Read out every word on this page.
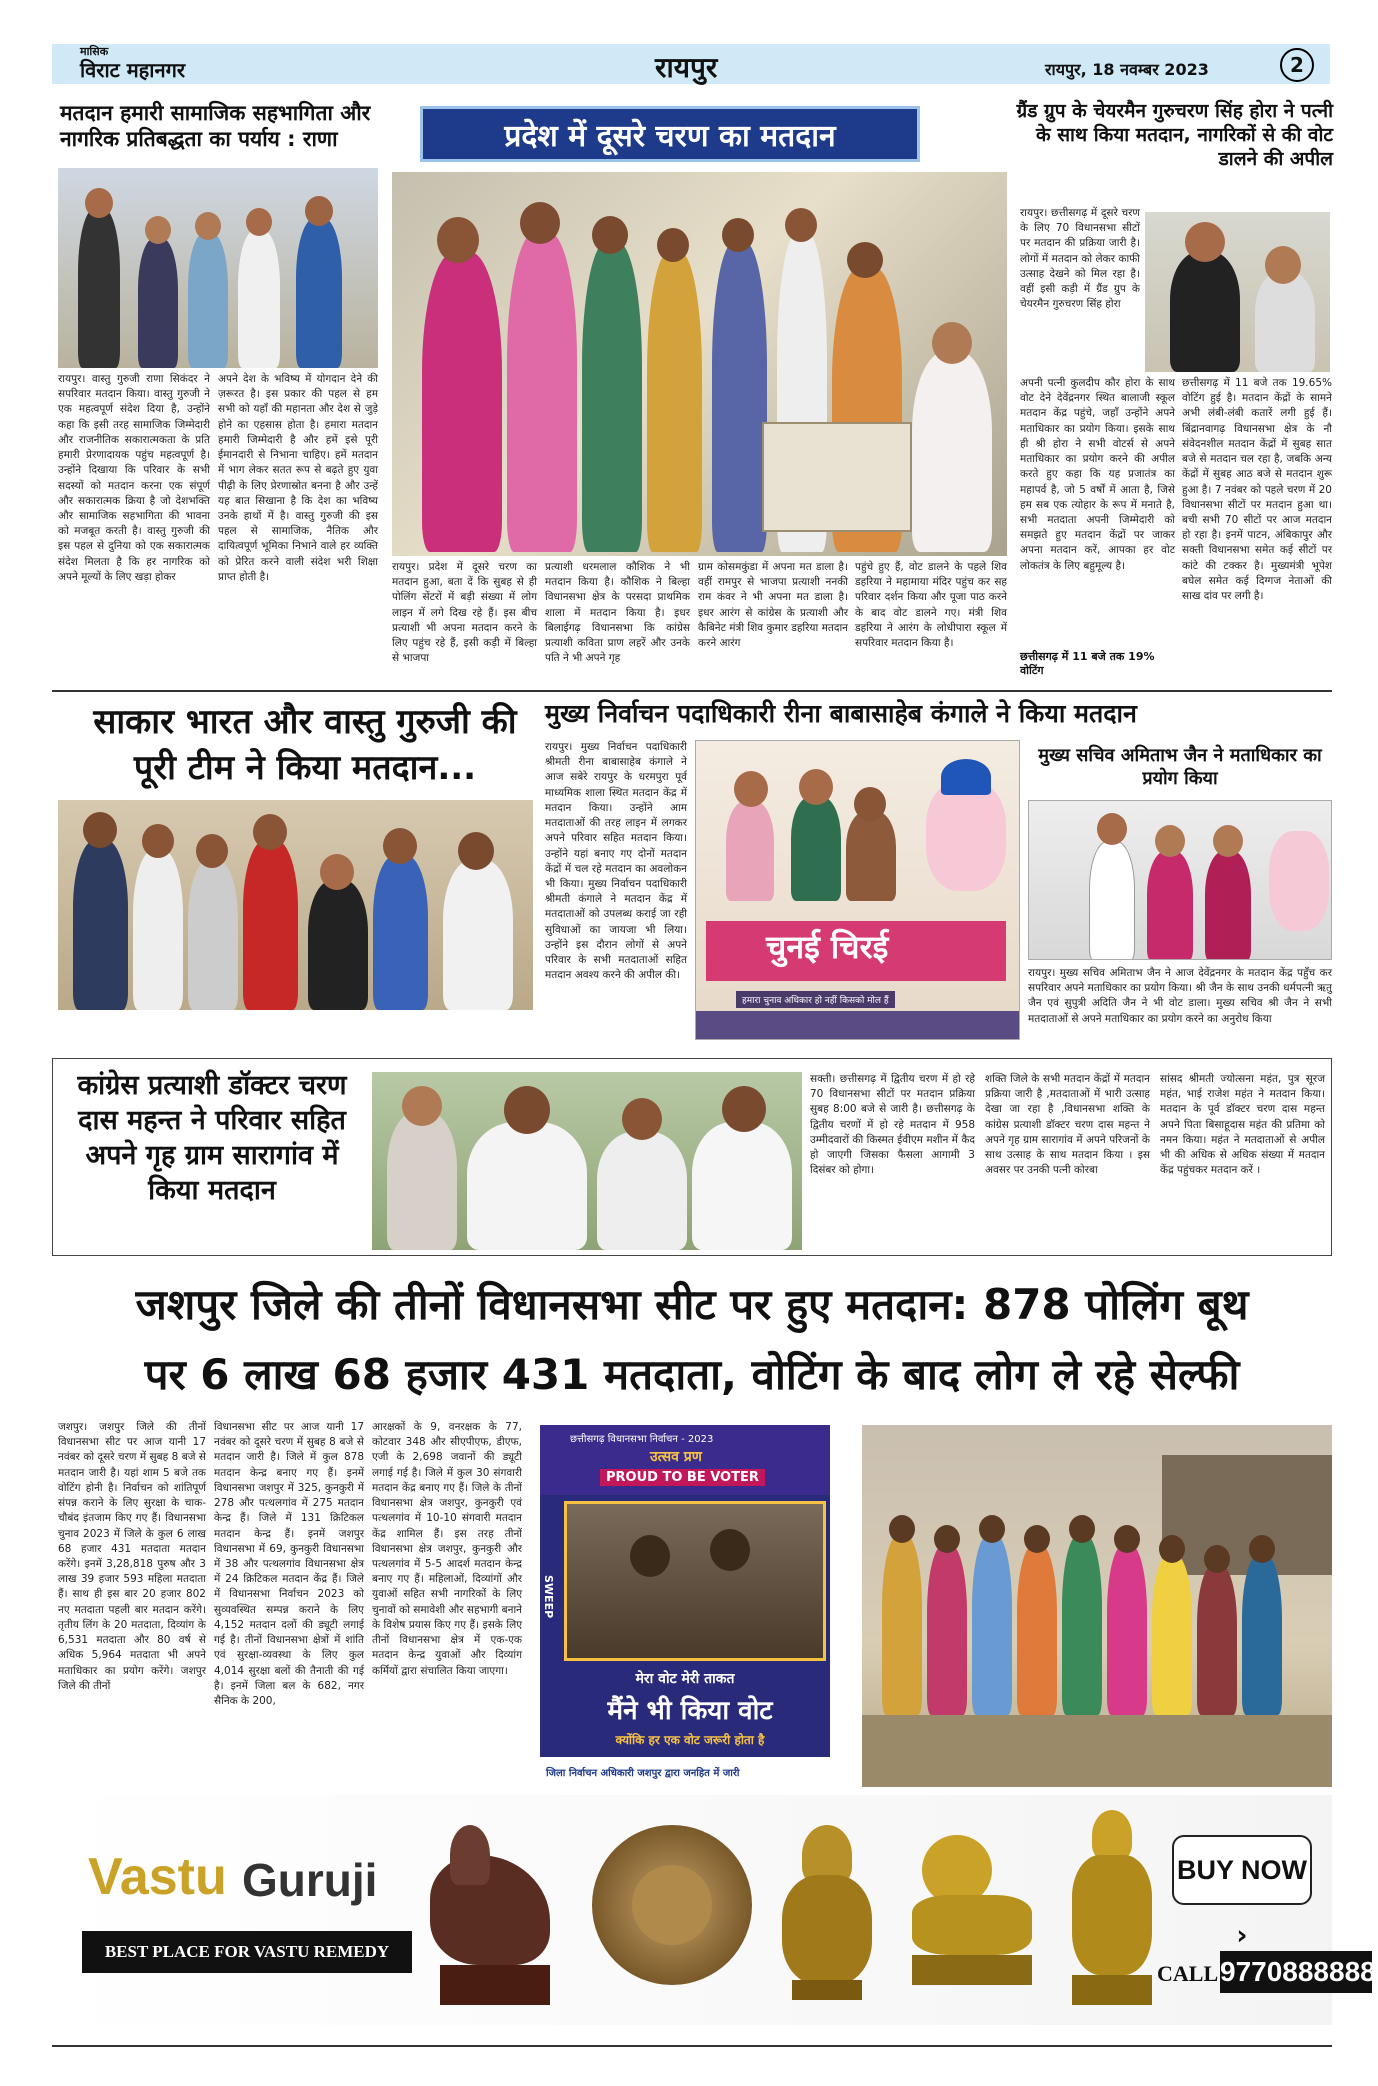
मासिक
विराट महानगर	रायपुर	रायपुर, 18 नवम्बर 2023	2
मतदान हमारी सामाजिक सहभागिता और नागरिक प्रतिबद्धता का पर्याय : राणा
रायपुर। वास्तु गुरुजी राणा सिकंदर ने सपरिवार मतदान किया। वास्तु गुरुजी ने एक महत्वपूर्ण संदेश दिया है, उन्होंने कहा कि इसी तरह सामाजिक जिम्मेदारी और राजनीतिक सकारात्मकता के प्रति हमारी प्रेरणादायक पहुंच महत्वपूर्ण है। उन्होंने दिखाया कि परिवार के सभी सदस्यों को मतदान करना एक संपूर्ण और सकारात्मक क्रिया है जो देशभक्ति और सामाजिक सहभागिता की भावना को मजबूत करती है। वास्तु गुरुजी की इस पहल से दुनिया को एक सकारात्मक संदेश मिलता है कि हर नागरिक को अपने मूल्यों के लिए खड़ा होकर
अपने देश के भविष्य में योगदान देने की ज़रूरत है। इस प्रकार की पहल से हम सभी को यहाँ की महानता और देश से जुड़े होने का एहसास होता है। हमारा मतदान हमारी जिम्मेदारी है और हमें इसे पूरी ईमानदारी से निभाना चाहिए। हमें मतदान में भाग लेकर सतत रूप से बढ़ते हुए युवा पीढ़ी के लिए प्रेरणास्रोत बनना है और उन्हें यह बात सिखाना है कि देश का भविष्य उनके हाथों में है। वास्तु गुरुजी की इस पहल से सामाजिक, नैतिक और दायित्वपूर्ण भूमिका निभाने वाले हर व्यक्ति को प्रेरित करने वाली संदेश भरी शिक्षा प्राप्त होती है।
प्रदेश में दूसरे चरण का मतदान
रायपुर। प्रदेश में दूसरे चरण का मतदान हुआ, बता दें कि सुबह से ही पोलिंग सेंटरों में बड़ी संख्या में लोग लाइन में लगे दिख रहे हैं। इस बीच प्रत्याशी भी अपना मतदान करने के लिए पहुंच रहे हैं, इसी कड़ी में बिल्हा से भाजपा
प्रत्याशी धरमलाल कौशिक ने भी मतदान किया है। कौशिक ने बिल्हा विधानसभा क्षेत्र के परसदा प्राथमिक शाला में मतदान किया है। इधर बिलाईगढ़ विधानसभा कि कांग्रेस प्रत्याशी कविता प्राण लहरें और उनके पति ने भी अपने गृह
ग्राम कोसमकुंडा में अपना मत डाला है। वहीं रामपुर से भाजपा प्रत्याशी ननकी राम कंवर ने भी अपना मत डाला है। इधर आरंग से कांग्रेस के प्रत्याशी और कैबिनेट मंत्री शिव कुमार डहरिया मतदान करने आरंग
पहुंचे हुए हैं, वोट डालने के पहले शिव डहरिया ने महामाया मंदिर पहुंच कर सह परिवार दर्शन किया और पूजा पाठ करने के बाद वोट डालने गए। मंत्री शिव डहरिया ने आरंग के लोधीपारा स्कूल में सपरिवार मतदान किया है।
ग्रैंड ग्रुप के चेयरमैन गुरुचरण सिंह होरा ने पत्नी के साथ किया मतदान, नागरिकों से की वोट डालने की अपील
रायपुर। छत्तीसगढ़ में दूसरे चरण के लिए 70 विधानसभा सीटों पर मतदान की प्रक्रिया जारी है। लोगों में मतदान को लेकर काफी उत्साह देखने को मिल रहा है। वहीं इसी कड़ी में ग्रैंड ग्रुप के चेयरमैन गुरुचरण सिंह होरा
अपनी पत्नी कुलदीप कौर होरा के साथ वोट देने देवेंद्रनगर स्थित बालाजी स्कूल मतदान केंद्र पहुंचे, जहाँ उन्होंने अपने मताधिकार का प्रयोग किया। इसके साथ ही श्री होरा ने सभी वोटर्स से अपने मताधिकार का प्रयोग करने की अपील करते हुए कहा कि यह प्रजातंत्र का महापर्व है, जो 5 वर्षों में आता है, जिसे हम सब एक त्योहार के रूप में मनाते है, सभी मतदाता अपनी जिम्मेदारी को समझते हुए मतदान केंद्रों पर जाकर अपना मतदान करें, आपका हर वोट लोकतंत्र के लिए बहुमूल्य है।
छत्तीसगढ़ में 11 बजे तक 19.65% वोटिंग हुई है। मतदान केंद्रों के सामने अभी लंबी-लंबी कतारें लगी हुई हैं। बिंद्रानवागढ़ विधानसभा क्षेत्र के नौ संवेदनशील मतदान केंद्रों में सुबह सात बजे से मतदान चल रहा है, जबकि अन्य केंद्रों में सुबह आठ बजे से मतदान शुरू हुआ है। 7 नवंबर को पहले चरण में 20 विधानसभा सीटों पर मतदान हुआ था। बची सभी 70 सीटों पर आज मतदान हो रहा है। इनमें पाटन, अंबिकापुर और सक्ती विधानसभा समेत कई सीटों पर कांटे की टक्कर है। मुख्यमंत्री भूपेश बघेल समेत कई दिग्गज नेताओं की साख दांव पर लगी है।
छत्तीसगढ़ में 11 बजे तक 19% वोटिंग
साकार भारत और वास्तु गुरुजी की पूरी टीम ने किया मतदान...
मुख्य निर्वाचन पदाधिकारी रीना बाबासाहेब कंगाले ने किया मतदान
रायपुर। मुख्य निर्वाचन पदाधिकारी श्रीमती रीना बाबासाहेब कंगाले ने आज सबेरे रायपुर के धरमपुरा पूर्व माध्यमिक शाला स्थित मतदान केंद्र में मतदान किया। उन्होंने आम मतदाताओं की तरह लाइन में लगकर अपने परिवार सहित मतदान किया। उन्होंने यहां बनाए गए दोनों मतदान केंद्रों में चल रहे मतदान का अवलोकन भी किया। मुख्य निर्वाचन पदाधिकारी श्रीमती कंगाले ने मतदान केंद्र में मतदाताओं को उपलब्ध कराई जा रही सुविधाओं का जायजा भी लिया। उन्होंने इस दौरान लोगों से अपने परिवार के सभी मतदाताओं सहित मतदान अवश्य करने की अपील की।
चुनई चिरई
हमारा चुनाव अधिकार हो नहीं किसको मोल हैं
मुख्य सचिव अमिताभ जैन ने मताधिकार का प्रयोग किया
रायपुर। मुख्य सचिव अमिताभ जैन ने आज देवेंद्रनगर के मतदान केंद्र पहुँच कर सपरिवार अपने मताधिकार का प्रयोग किया। श्री जैन के साथ उनकी धर्मपत्नी ऋतु जैन एवं सुपुत्री अदिति जैन ने भी वोट डाला। मुख्य सचिव श्री जैन ने सभी मतदाताओं से अपने मताधिकार का प्रयोग करने का अनुरोध किया
कांग्रेस प्रत्याशी डॉक्टर चरण दास महन्त ने परिवार सहित अपने गृह ग्राम सारागांव में किया मतदान
सक्ती। छत्तीसगढ़ में द्वितीय चरण में हो रहे 70 विधानसभा सीटों पर मतदान प्रक्रिया सुबह 8:00 बजे से जारी है। छत्तीसगढ़ के द्वितीय चरणों में हो रहे मतदान में 958 उम्मीदवारों की किस्मत ईवीएम मशीन में कैद हो जाएगी जिसका फैसला आगामी 3 दिसंबर को होगा।
शक्ति जिले के सभी मतदान केंद्रों में मतदान प्रक्रिया जारी है ,मतदाताओं में भारी उत्साह देखा जा रहा है ,विधानसभा शक्ति के कांग्रेस प्रत्याशी डॉक्टर चरण दास महन्त ने अपने गृह ग्राम सारागांव में अपने परिजनों के साथ उत्साह के साथ मतदान किया । इस अवसर पर उनकी पत्नी कोरबा
सांसद श्रीमती ज्योत्सना महंत, पुत्र सूरज महंत, भाई राजेश महंत ने मतदान किया। मतदान के पूर्व डॉक्टर चरण दास महन्त अपने पिता बिसाहूदास महंत की प्रतिमा को नमन किया। महंत ने मतदाताओं से अपील भी की अधिक से अधिक संख्या में मतदान केंद्र पहुंचकर मतदान करें ।
जशपुर जिले की तीनों विधानसभा सीट पर हुए मतदान: 878 पोलिंग बूथ
पर 6 लाख 68 हजार 431 मतदाता, वोटिंग के बाद लोग ले रहे सेल्फी
जशपुर। जशपुर जिले की तीनों विधानसभा सीट पर आज यानी 17 नवंबर को दूसरे चरण में सुबह 8 बजे से मतदान जारी है। यहां शाम 5 बजे तक वोटिंग होनी है। निर्वाचन को शांतिपूर्ण संपन्न कराने के लिए सुरक्षा के चाक-चौबंद इंतजाम किए गए हैं। विधानसभा चुनाव 2023 में जिले के कुल 6 लाख 68 हजार 431 मतदाता मतदान करेंगे। इनमें 3,28,818 पुरुष और 3 लाख 39 हजार 593 महिला मतदाता हैं। साथ ही इस बार 20 हजार 802 नए मतदाता पहली बार मतदान करेंगे। तृतीय लिंग के 20 मतदाता, दिव्यांग के 6,531 मतदाता और 80 वर्ष से अधिक 5,964 मतदाता भी अपने मताधिकार का प्रयोग करेंगे। जशपुर जिले की तीनों
विधानसभा सीट पर आज यानी 17 नवंबर को दूसरे चरण में सुबह 8 बजे से मतदान जारी है। जिले में कुल 878 मतदान केन्द्र बनाए गए हैं। इनमें विधानसभा जशपुर में 325, कुनकुरी में 278 और पत्थलगांव में 275 मतदान केन्द्र हैं। जिले में 131 क्रिटिकल मतदान केन्द्र हैं। इनमें जशपुर विधानसभा में 69, कुनकुरी विधानसभा में 38 और पत्थलगांव विधानसभा क्षेत्र में 24 क्रिटिकल मतदान केंद्र हैं। जिले में विधानसभा निर्वाचन 2023 को सुव्यवस्थित सम्पन्न कराने के लिए 4,152 मतदान दलों की ड्यूटी लगाई गई है। तीनों विधानसभा क्षेत्रों में शांति एवं सुरक्षा-व्यवस्था के लिए कुल 4,014 सुरक्षा बलों की तैनाती की गई है। इनमें जिला बल के 682, नगर सैनिक के 200,
आरक्षकों के 9, वनरक्षक के 77, कोटवार 348 और सीएपीएफ, डीएफ, एजी के 2,698 जवानों की ड्यूटी लगाई गई है। जिले में कुल 30 संगवारी मतदान केंद्र बनाए गए हैं। जिले के तीनों विधानसभा क्षेत्र जशपुर, कुनकुरी एवं पत्थलगांव में 10-10 संगवारी मतदान केंद्र शामिल हैं। इस तरह तीनों विधानसभा क्षेत्र जशपुर, कुनकुरी और पत्थलगांव में 5-5 आदर्श मतदान केन्द्र बनाए गए हैं। महिलाओं, दिव्यांगों और युवाओं सहित सभी नागरिकों के लिए चुनावों को समावेशी और सहभागी बनाने के विशेष प्रयास किए गए हैं। इसके लिए तीनों विधानसभा क्षेत्र में एक-एक मतदान केन्द्र युवाओं और दिव्यांग कर्मियों द्वारा संचालित किया जाएगा।
छत्तीसगढ़ विधानसभा निर्वाचन - 2023
उत्सव प्रण
PROUD TO BE VOTER
SWEEP
मेरा वोट मेरी ताकत
मैंने भी किया वोट
क्योंकि हर एक वोट जरूरी होता है
जिला निर्वाचन अधिकारी जशपुर द्वारा जनहित में जारी
Vastu Guruji
BEST PLACE FOR VASTU REMEDY
BUY NOW ›
CALL 9770888888
